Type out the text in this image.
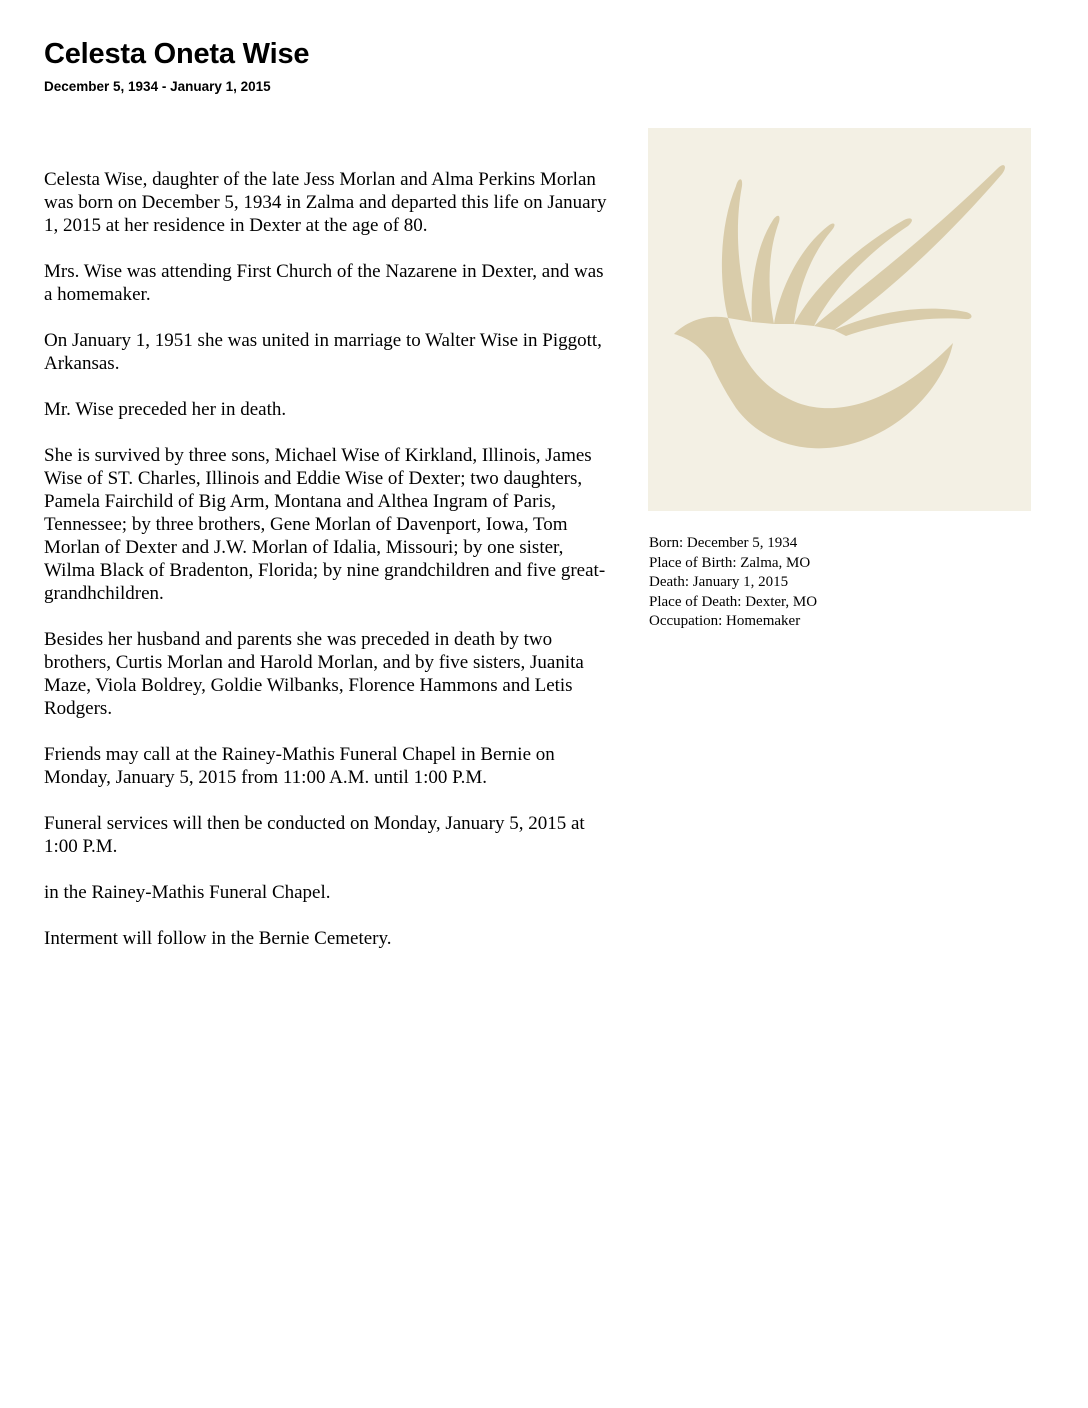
Celesta Oneta Wise
December 5, 1934 - January 1, 2015

Celesta Wise, daughter of the late Jess Morlan and Alma Perkins Morlan was born on December 5, 1934 in Zalma and departed this life on January 1, 2015 at her residence in Dexter at the age of 80.

Mrs. Wise was attending First Church of the Nazarene in Dexter, and was a homemaker.

On January 1, 1951 she was united in marriage to Walter Wise in Piggott, Arkansas.

Mr. Wise preceded her in death.

She is survived by three sons, Michael Wise of Kirkland, Illinois, James Wise of ST. Charles, Illinois and Eddie Wise of Dexter; two daughters, Pamela Fairchild of Big Arm, Montana and Althea Ingram of Paris, Tennessee; by three brothers, Gene Morlan of Davenport, Iowa, Tom Morlan of Dexter and J.W. Morlan of Idalia, Missouri; by one sister, Wilma Black of Bradenton, Florida; by nine grandchildren and five great-grandhchildren.

Besides her husband and parents she was preceded in death by two brothers, Curtis Morlan and Harold Morlan, and by five sisters, Juanita Maze, Viola Boldrey, Goldie Wilbanks, Florence Hammons and Letis Rodgers.

Friends may call at the Rainey-Mathis Funeral Chapel in Bernie on Monday, January 5, 2015 from 11:00 A.M. until 1:00 P.M.

Funeral services will then be conducted on Monday, January 5, 2015 at 1:00 P.M.

in the Rainey-Mathis Funeral Chapel.

Interment will follow in the Bernie Cemetery.

Born: December 5, 1934
Place of Birth: Zalma, MO
Death: January 1, 2015
Place of Death: Dexter, MO
Occupation: Homemaker
